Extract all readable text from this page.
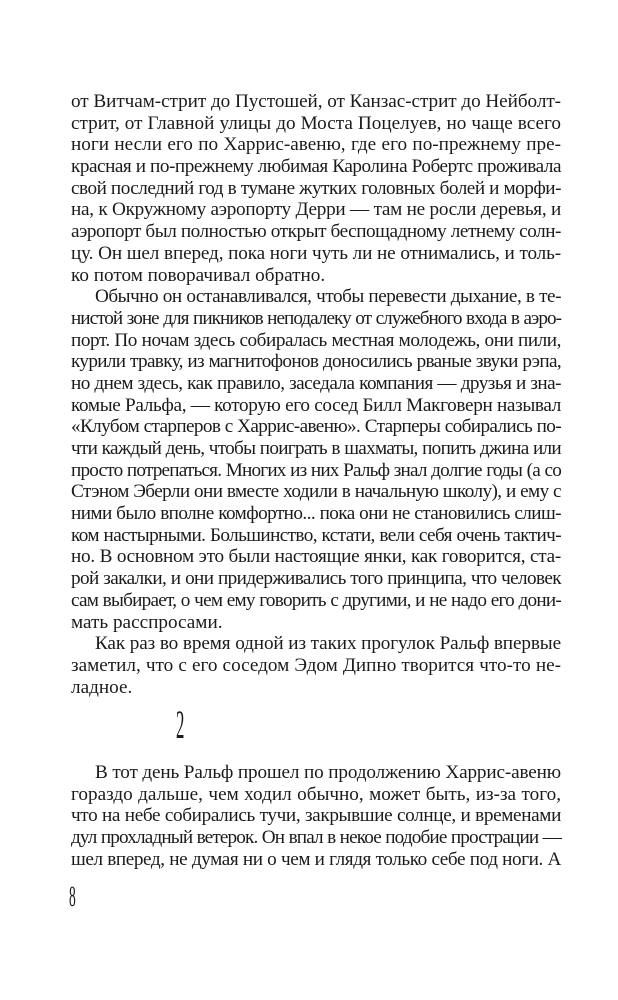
от Витчам-стрит до Пустошей, от Канзас-стрит до Нейболт-
стрит, от Главной улицы до Моста Поцелуев, но чаще всего
ноги несли его по Харрис-авеню, где его по-прежнему пре-
красная и по-прежнему любимая Каролина Робертс проживала
свой последний год в тумане жутких головных болей и морфи-
на, к Окружному аэропорту Дерри — там не росли деревья, и
аэропорт был полностью открыт беспощадному летнему солн-
цу. Он шел вперед, пока ноги чуть ли не отнимались, и толь-
ко потом поворачивал обратно.
Обычно он останавливался, чтобы перевести дыхание, в те-
нистой зоне для пикников неподалеку от служебного входа в аэро-
порт. По ночам здесь собиралась местная молодежь, они пили,
курили травку, из магнитофонов доносились рваные звуки рэпа,
но днем здесь, как правило, заседала компания — друзья и зна-
комые Ральфа, — которую его сосед Билл Макговерн называл
«Клубом старперов с Харрис-авеню». Старперы собирались по-
чти каждый день, чтобы поиграть в шахматы, попить джина или
просто потрепаться. Многих из них Ральф знал долгие годы (а со
Стэном Эберли они вместе ходили в начальную школу), и ему с
ними было вполне комфортно... пока они не становились слиш-
ком настырными. Большинство, кстати, вели себя очень тактич-
но. В основном это были настоящие янки, как говорится, ста-
рой закалки, и они придерживались того принципа, что человек
сам выбирает, о чем ему говорить с другими, и не надо его дони-
мать расспросами.
Как раз во время одной из таких прогулок Ральф впервые
заметил, что с его соседом Эдом Дипно творится что-то не-
ладное.
2
В тот день Ральф прошел по продолжению Харрис-авеню
гораздо дальше, чем ходил обычно, может быть, из-за того,
что на небе собирались тучи, закрывшие солнце, и временами
дул прохладный ветерок. Он впал в некое подобие прострации —
шел вперед, не думая ни о чем и глядя только себе под ноги. А
8
